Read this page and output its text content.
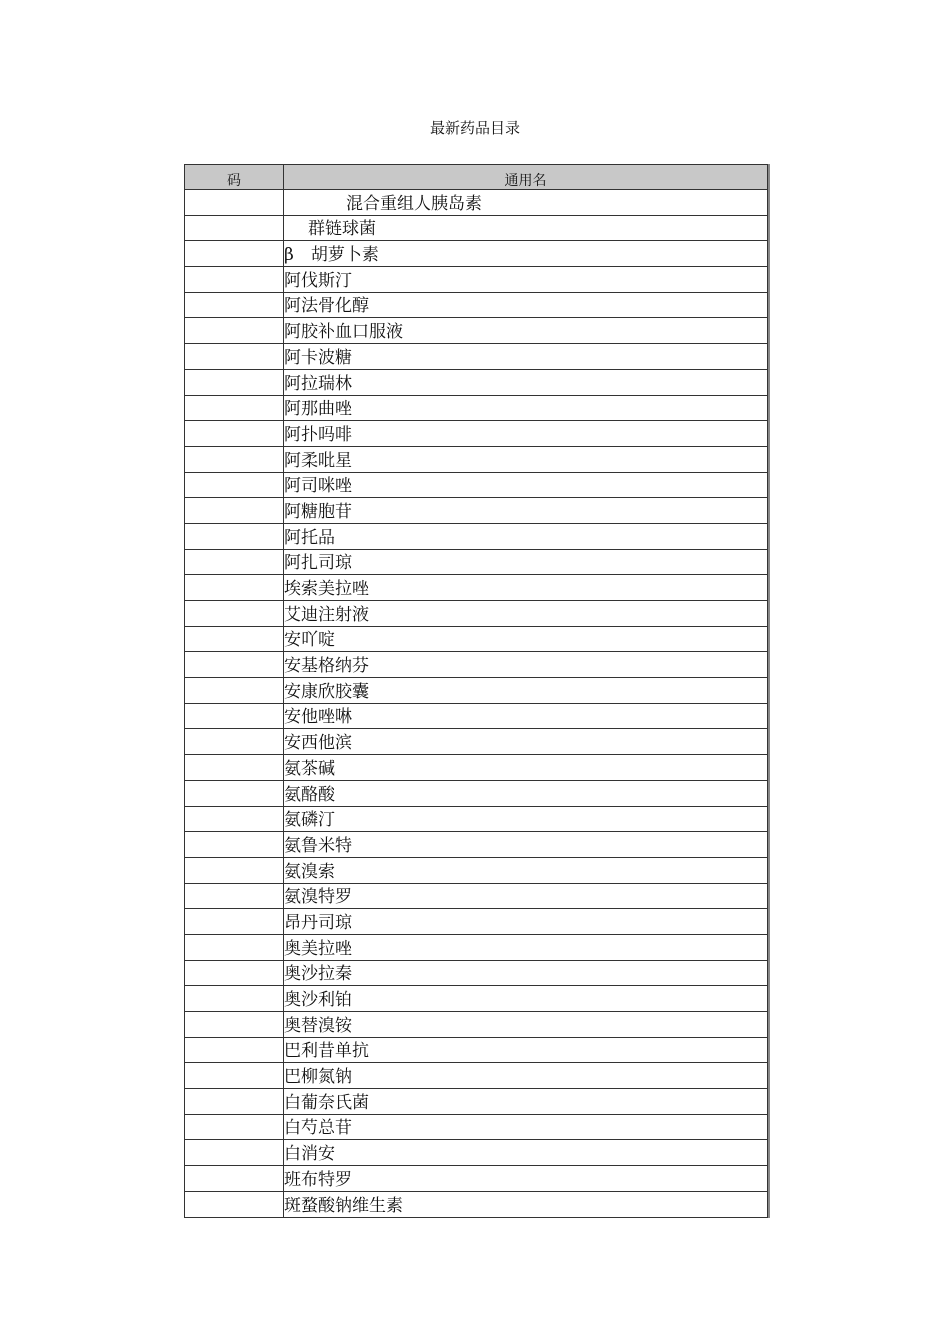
最新药品目录
码	通用名
	混合重组人胰岛素
	群链球菌
	β　胡萝卜素
	阿伐斯汀
	阿法骨化醇
	阿胶补血口服液
	阿卡波糖
	阿拉瑞林
	阿那曲唑
	阿扑吗啡
	阿柔吡星
	阿司咪唑
	阿糖胞苷
	阿托品
	阿扎司琼
	埃索美拉唑
	艾迪注射液
	安吖啶
	安基格纳芬
	安康欣胶囊
	安他唑啉
	安西他滨
	氨茶碱
	氨酪酸
	氨磷汀
	氨鲁米特
	氨溴索
	氨溴特罗
	昂丹司琼
	奥美拉唑
	奥沙拉秦
	奥沙利铂
	奥替溴铵
	巴利昔单抗
	巴柳氮钠
	白葡奈氏菌
	白芍总苷
	白消安
	班布特罗
	斑蝥酸钠维生素
